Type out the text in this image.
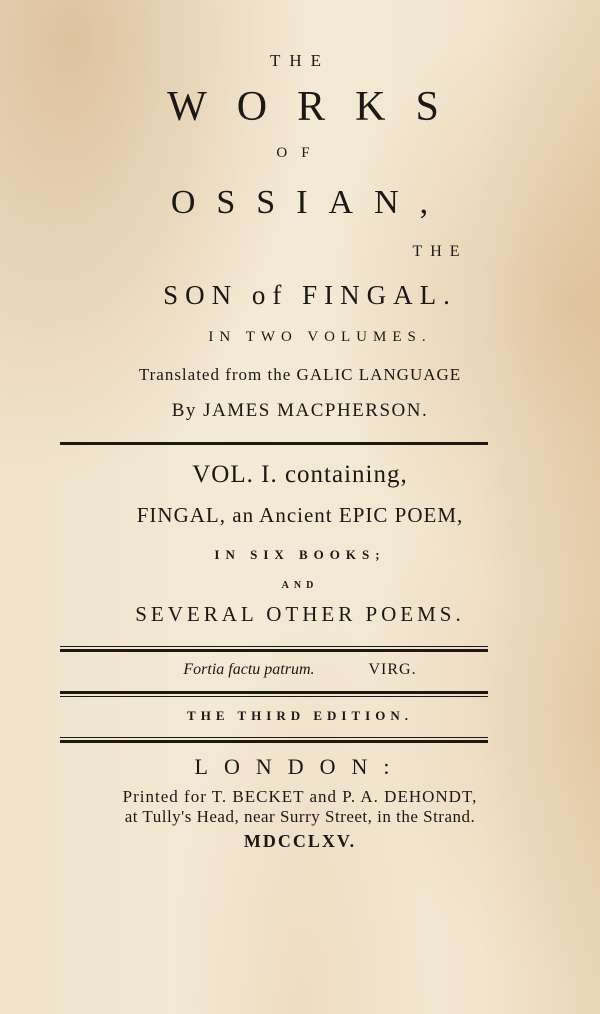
THE
WORKS
OF
OSSIAN,
THE
SON of FINGAL.
IN TWO VOLUMES.
Translated from the GALIC LANGUAGE
By JAMES MACPHERSON.
VOL. I. containing,
FINGAL, an Ancient EPIC POEM,
IN SIX BOOKS;
AND
SEVERAL OTHER POEMS.
Fortia factu patrum.	VIRG.
THE THIRD EDITION.
LONDON:
Printed for T. BECKET and P. A. DEHONDT,
at Tully's Head, near Surry Street, in the Strand.
MDCCLXV.
